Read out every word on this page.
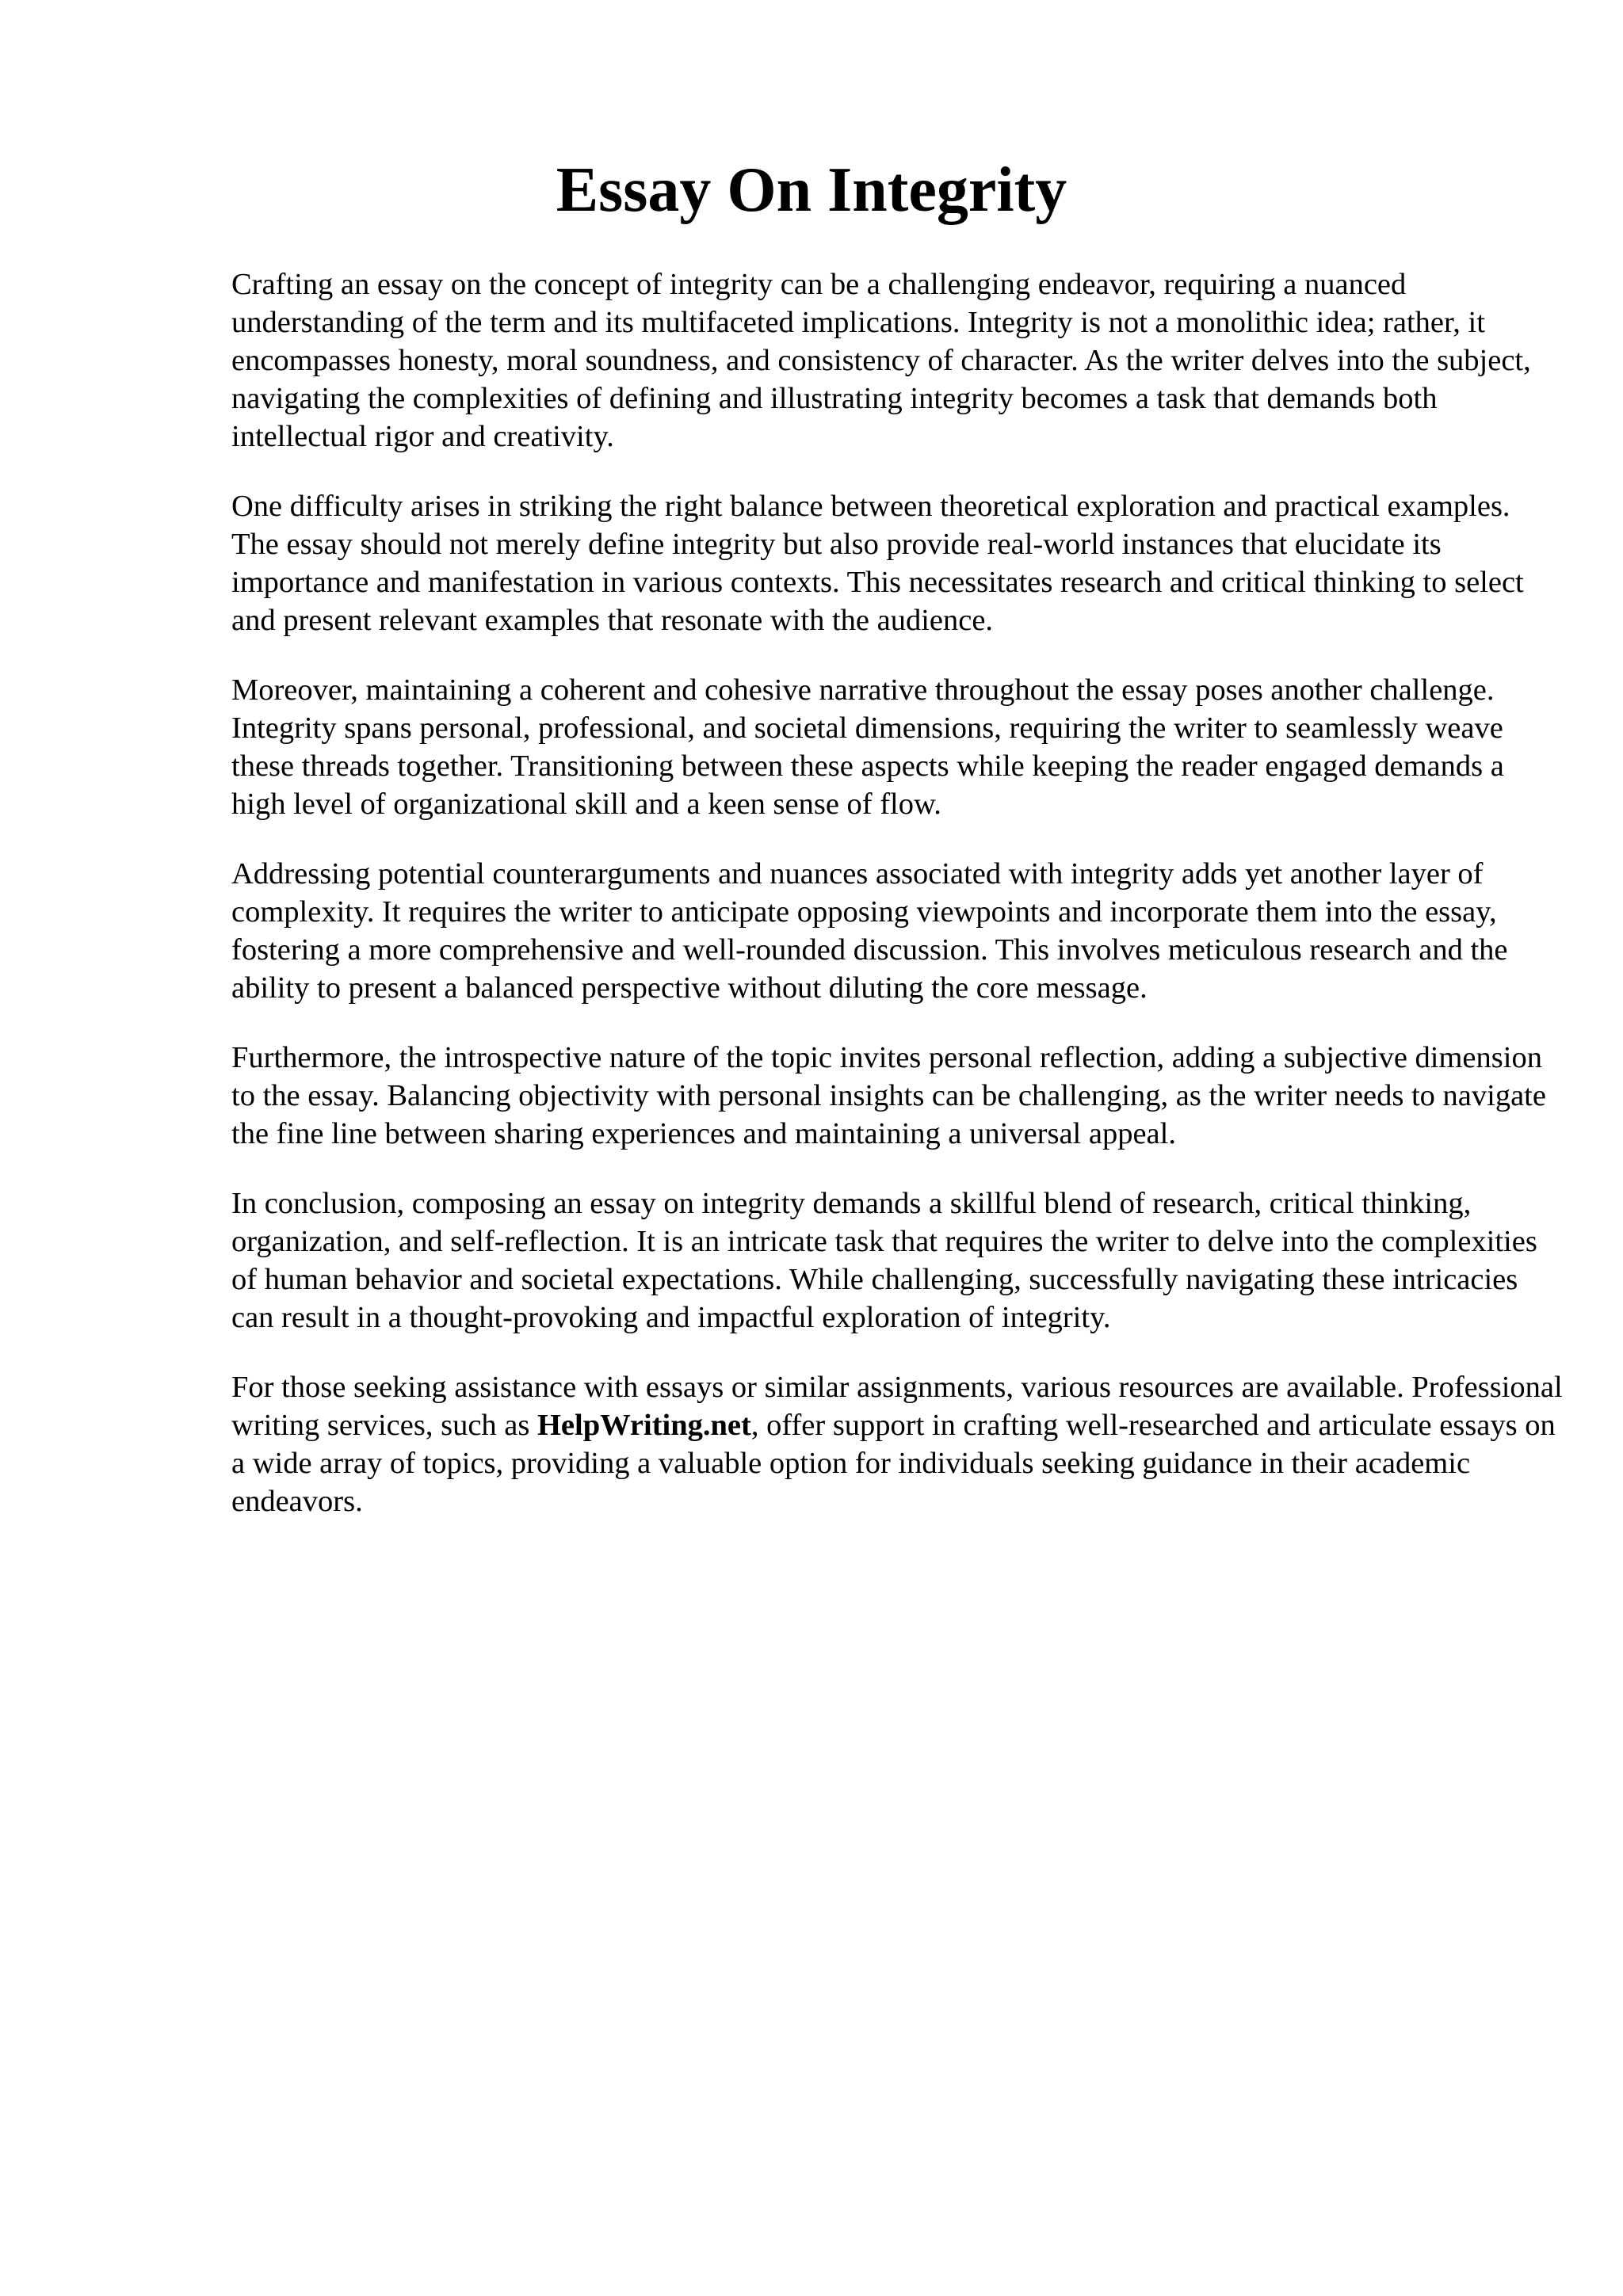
Essay On Integrity

Crafting an essay on the concept of integrity can be a challenging endeavor, requiring a nuanced understanding of the term and its multifaceted implications. Integrity is not a monolithic idea; rather, it encompasses honesty, moral soundness, and consistency of character. As the writer delves into the subject, navigating the complexities of defining and illustrating integrity becomes a task that demands both intellectual rigor and creativity.

One difficulty arises in striking the right balance between theoretical exploration and practical examples. The essay should not merely define integrity but also provide real-world instances that elucidate its importance and manifestation in various contexts. This necessitates research and critical thinking to select and present relevant examples that resonate with the audience.

Moreover, maintaining a coherent and cohesive narrative throughout the essay poses another challenge. Integrity spans personal, professional, and societal dimensions, requiring the writer to seamlessly weave these threads together. Transitioning between these aspects while keeping the reader engaged demands a high level of organizational skill and a keen sense of flow.

Addressing potential counterarguments and nuances associated with integrity adds yet another layer of complexity. It requires the writer to anticipate opposing viewpoints and incorporate them into the essay, fostering a more comprehensive and well-rounded discussion. This involves meticulous research and the ability to present a balanced perspective without diluting the core message.

Furthermore, the introspective nature of the topic invites personal reflection, adding a subjective dimension to the essay. Balancing objectivity with personal insights can be challenging, as the writer needs to navigate the fine line between sharing experiences and maintaining a universal appeal.

In conclusion, composing an essay on integrity demands a skillful blend of research, critical thinking, organization, and self-reflection. It is an intricate task that requires the writer to delve into the complexities of human behavior and societal expectations. While challenging, successfully navigating these intricacies can result in a thought-provoking and impactful exploration of integrity.

For those seeking assistance with essays or similar assignments, various resources are available. Professional writing services, such as HelpWriting.net, offer support in crafting well-researched and articulate essays on a wide array of topics, providing a valuable option for individuals seeking guidance in their academic endeavors.
